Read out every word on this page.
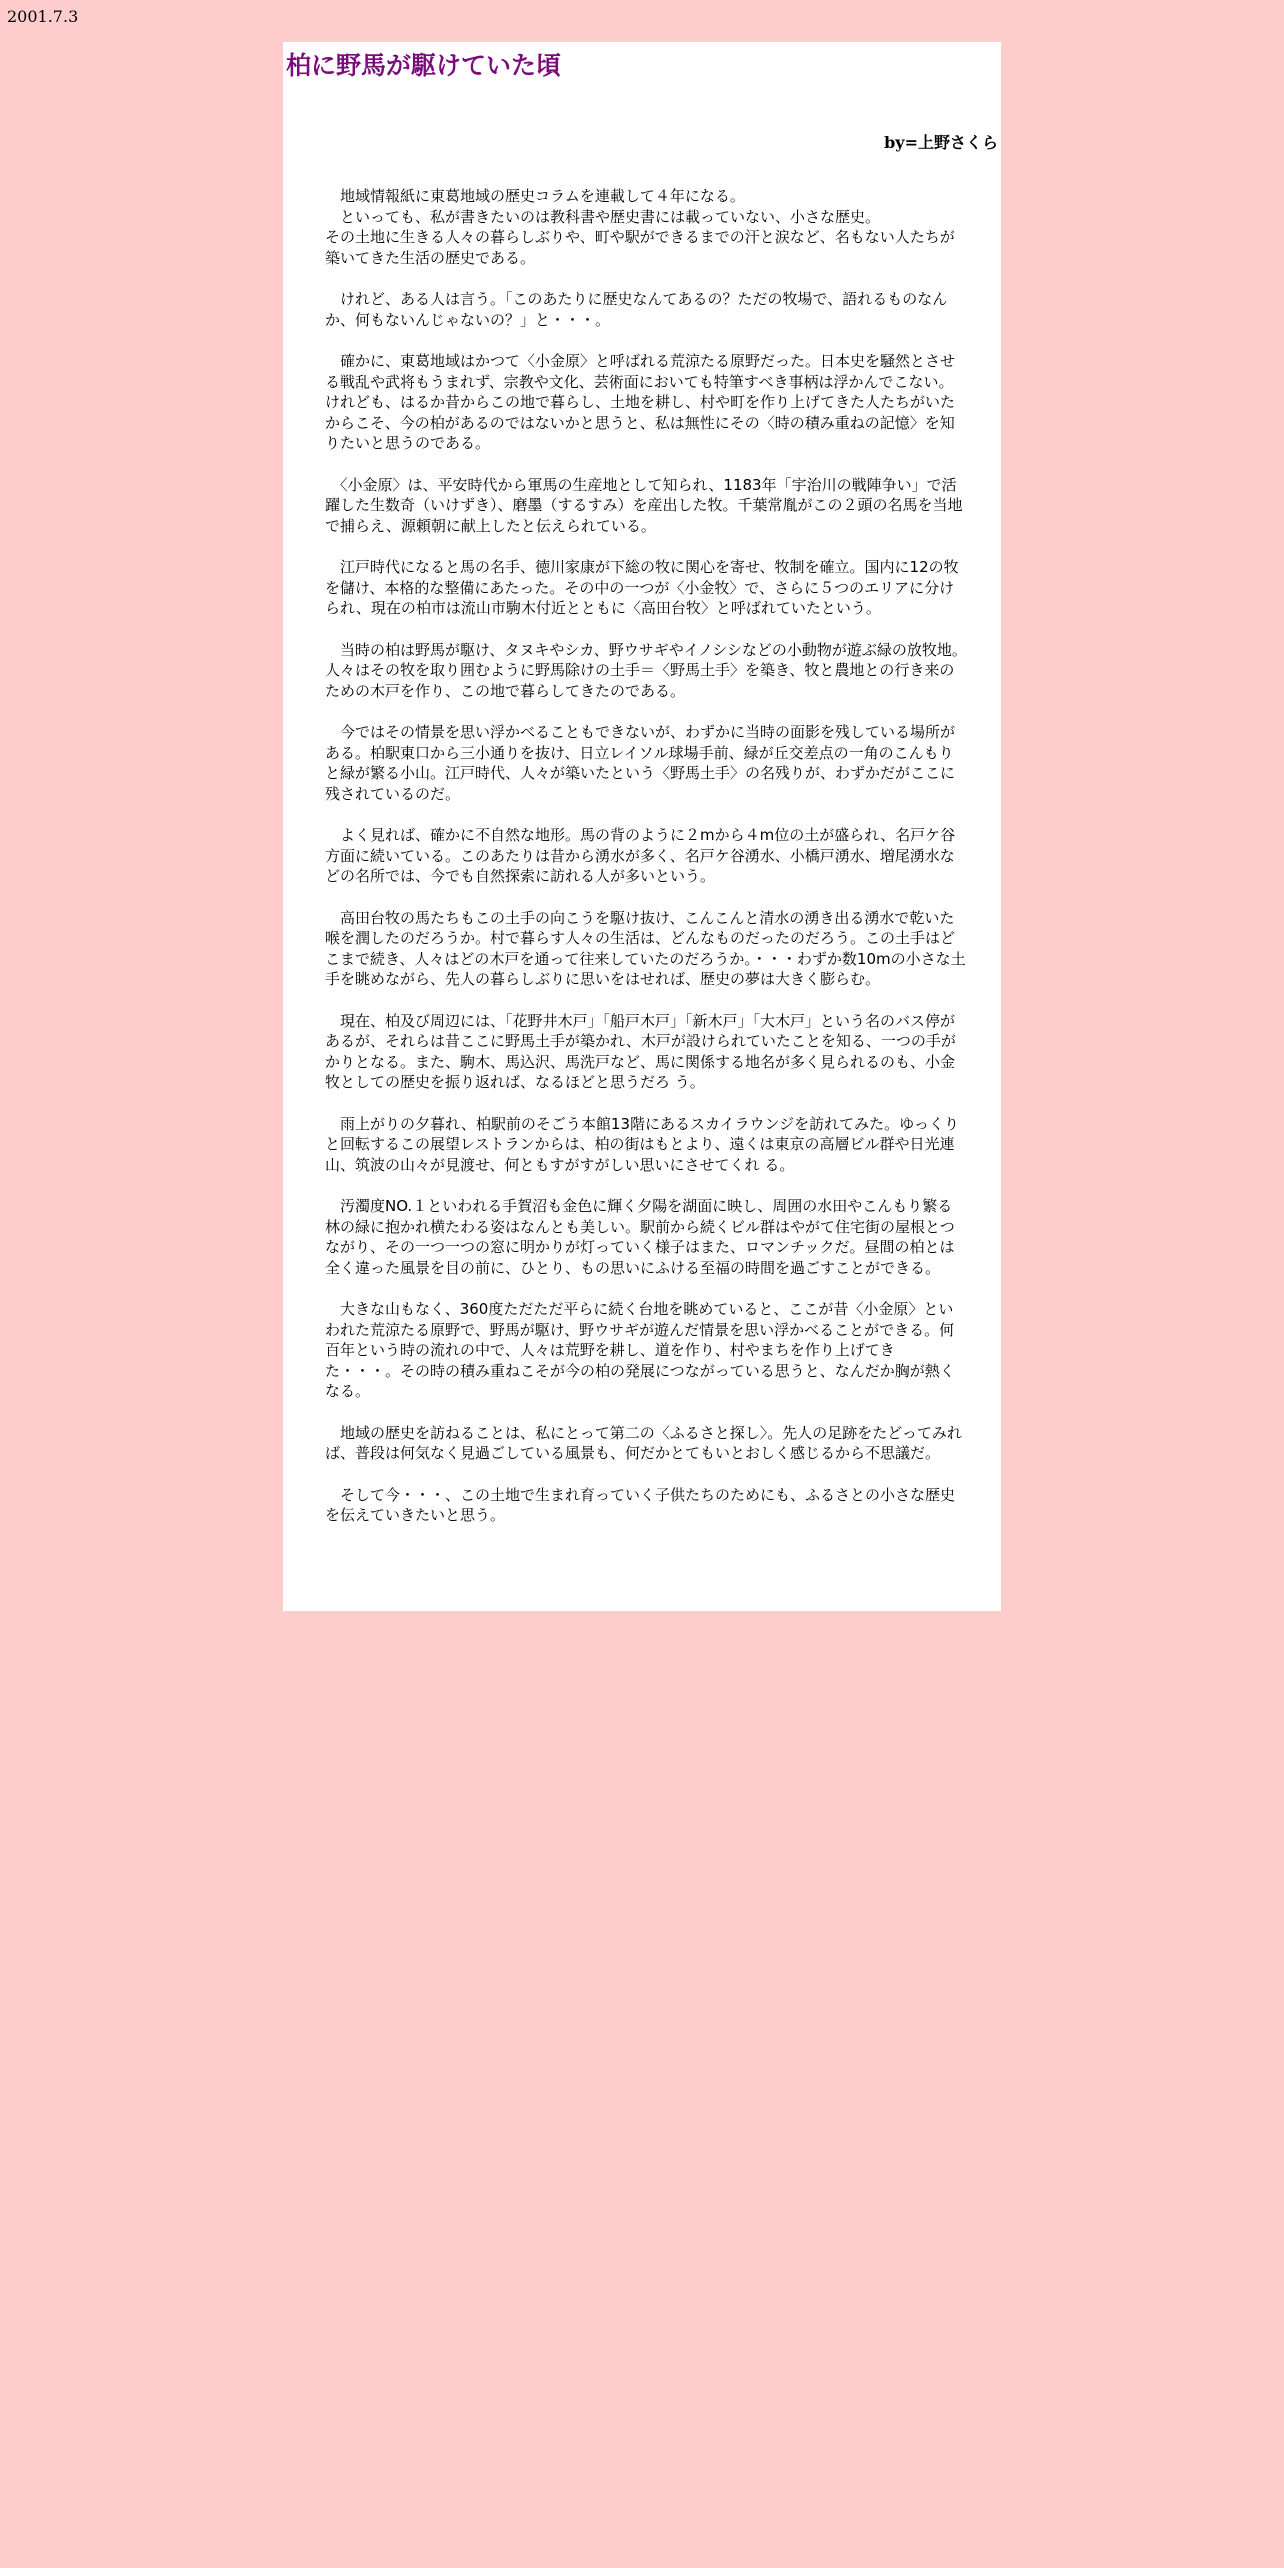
2001.7.3
柏に野馬が駆けていた頃
by=上野さくら

　地域情報紙に東葛地域の歴史コラムを連載して４年になる。
　といっても、私が書きたいのは教科書や歴史書には載っていない、小さな歴史。
その土地に生きる人々の暮らしぶりや、町や駅ができるまでの汗と涙など、名もない人たちが築いてきた生活の歴史である。

　けれど、ある人は言う。「このあたりに歴史なんてあるの？ただの牧場で、語れるものなんか、何もないんじゃないの？」と・・・。

　確かに、東葛地域はかつて〈小金原〉と呼ばれる荒涼たる原野だった。日本史を騒然とさせる戦乱や武将もうまれず、宗教や文化、芸術面においても特筆すべき事柄は浮かんでこない。けれども、はるか昔からこの地で暮らし、土地を耕し、村や町を作り上げてきた人たちがいたからこそ、今の柏があるのではないかと思うと、私は無性にその〈時の積み重ねの記憶〉を知りたいと思うのである。

　〈小金原〉は、平安時代から軍馬の生産地として知られ、1183年「宇治川の戦陣争い」で活躍した生数奇（いけずき）、磨墨（するすみ）を産出した牧。千葉常胤がこの２頭の名馬を当地で捕らえ、源頼朝に献上したと伝えられている。

　江戸時代になると馬の名手、徳川家康が下総の牧に関心を寄せ、牧制を確立。国内に12の牧を儲け、本格的な整備にあたった。その中の一つが〈小金牧〉で、さらに５つのエリアに分けられ、現在の柏市は流山市駒木付近とともに〈高田台牧〉と呼ばれていたという。

　当時の柏は野馬が駆け、タヌキやシカ、野ウサギやイノシシなどの小動物が遊ぶ緑の放牧地。人々はその牧を取り囲むように野馬除けの土手＝〈野馬土手〉を築き、牧と農地との行き来のための木戸を作り、この地で暮らしてきたのである。

　今ではその情景を思い浮かべることもできないが、わずかに当時の面影を残している場所がある。柏駅東口から三小通りを抜け、日立レイソル球場手前、緑が丘交差点の一角のこんもりと緑が繁る小山。江戸時代、人々が築いたという〈野馬土手〉の名残りが、わずかだがここに残されているのだ。

　よく見れば、確かに不自然な地形。馬の背のように２mから４m位の土が盛られ、名戸ケ谷方面に続いている。このあたりは昔から湧水が多く、名戸ケ谷湧水、小橋戸湧水、増尾湧水などの名所では、今でも自然探索に訪れる人が多いという。

　高田台牧の馬たちもこの土手の向こうを駆け抜け、こんこんと清水の湧き出る湧水で乾いた喉を潤したのだろうか。村で暮らす人々の生活は、どんなものだったのだろう。この土手はどこまで続き、人々はどの木戸を通って往来していたのだろうか。・・・わずか数10mの小さな土手を眺めながら、先人の暮らしぶりに思いをはせれば、歴史の夢は大きく膨らむ。

　現在、柏及び周辺には、「花野井木戸」「船戸木戸」「新木戸」「大木戸」という名のバス停があるが、それらは昔ここに野馬土手が築かれ、木戸が設けられていたことを知る、一つの手がかりとなる。また、駒木、馬込沢、馬洗戸など、馬に関係する地名が多く見られるのも、小金牧としての歴史を振り返れば、なるほどと思うだろ う。

　雨上がりの夕暮れ、柏駅前のそごう本館13階にあるスカイラウンジを訪れてみた。ゆっくりと回転するこの展望レストランからは、柏の街はもとより、遠くは東京の高層ビル群や日光連山、筑波の山々が見渡せ、何ともすがすがしい思いにさせてくれ る。

　汚濁度NO.１といわれる手賀沼も金色に輝く夕陽を湖面に映し、周囲の水田やこんもり繁る林の緑に抱かれ横たわる姿はなんとも美しい。駅前から続くビル群はやがて住宅街の屋根とつながり、その一つ一つの窓に明かりが灯っていく様子はまた、ロマンチックだ。昼間の柏とは全く違った風景を目の前に、ひとり、もの思いにふける至福の時間を過ごすことができる。

　大きな山もなく、360度ただただ平らに続く台地を眺めていると、ここが昔〈小金原〉といわれた荒涼たる原野で、野馬が駆け、野ウサギが遊んだ情景を思い浮かべることができる。何百年という時の流れの中で、人々は荒野を耕し、道を作り、村やまちを作り上げてきた・・・。その時の積み重ねこそが今の柏の発展につながっている思うと、なんだか胸が熱くなる。

　地域の歴史を訪ねることは、私にとって第二の〈ふるさと探し〉。先人の足跡をたどってみれば、普段は何気なく見過ごしている風景も、何だかとてもいとおしく感じるから不思議だ。

　そして今・・・、この土地で生まれ育っていく子供たちのためにも、ふるさとの小さな歴史を伝えていきたいと思う。
